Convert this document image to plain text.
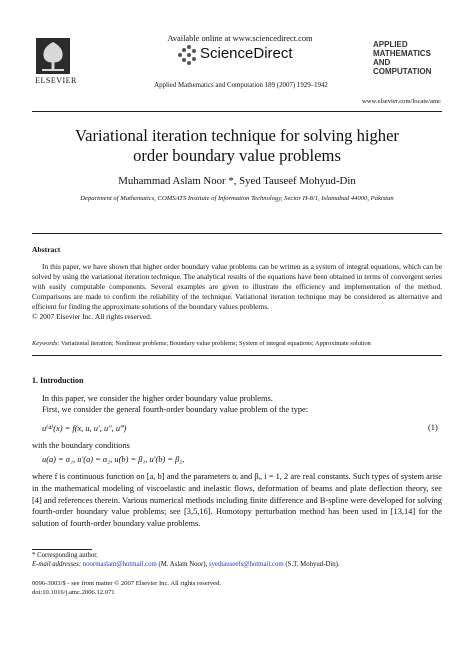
ELSEVIER
Available online at www.sciencedirect.com
ScienceDirect
Applied Mathematics and Computation 189 (2007) 1929–1942
APPLIED
MATHEMATICS
AND
COMPUTATION
www.elsevier.com/locate/amc
Variational iteration technique for solving higher
order boundary value problems
Muhammad Aslam Noor *, Syed Tauseef Mohyud-Din
Department of Mathematics, COMSATS Institute of Information Technology, Sector H-8/1, Islamabad 44000, Pakistan
Abstract
In this paper, we have shown that higher order boundary value problems can be written as a system of integral equations, which can be solved by using the variational iteration technique. The analytical results of the equations have been obtained in terms of convergent series with easily computable components. Several examples are given to illustrate the efficiency and implementation of the method. Comparisons are made to confirm the reliability of the technique. Variational iteration technique may be considered as alternative and efficient for finding the approximate solutions of the boundary values problems.
© 2007 Elsevier Inc. All rights reserved.
Keywords: Variational iteration; Nonlinear problems; Boundary value problems; System of integral equations; Approximate solution
1. Introduction
In this paper, we consider the higher order boundary value problems.
First, we consider the general fourth-order boundary value problem of the type:
u⁽⁴⁾(x) = f(x, u, u′, u″, u‴)	(1)
with the boundary conditions
u(a) = α₁, u′(a) = α₂, u(b) = β₁, u′(b) = β₂,
where f is continuous function on [a, b] and the parameters αᵢ and βᵢ, i = 1, 2 are real constants. Such types of system arise in the mathematical modeling of viscoelastic and inelastic flows, deformation of beams and plate deflection theory, see [4] and references therein. Various numerical methods including finite difference and B-spline were developed for solving fourth-order boundary value problems; see [3,5,16]. Homotopy perturbation method has been used in [13,14] for the solution of fourth-order boundary value problems.
* Corresponding author.
E-mail addresses: noormaslam@hotmail.com (M. Aslam Noor), syedtauseefs@hotmail.com (S.T. Mohyud-Din).
0096-3003/$ - see front matter © 2007 Elsevier Inc. All rights reserved.
doi:10.1016/j.amc.2006.12.071
